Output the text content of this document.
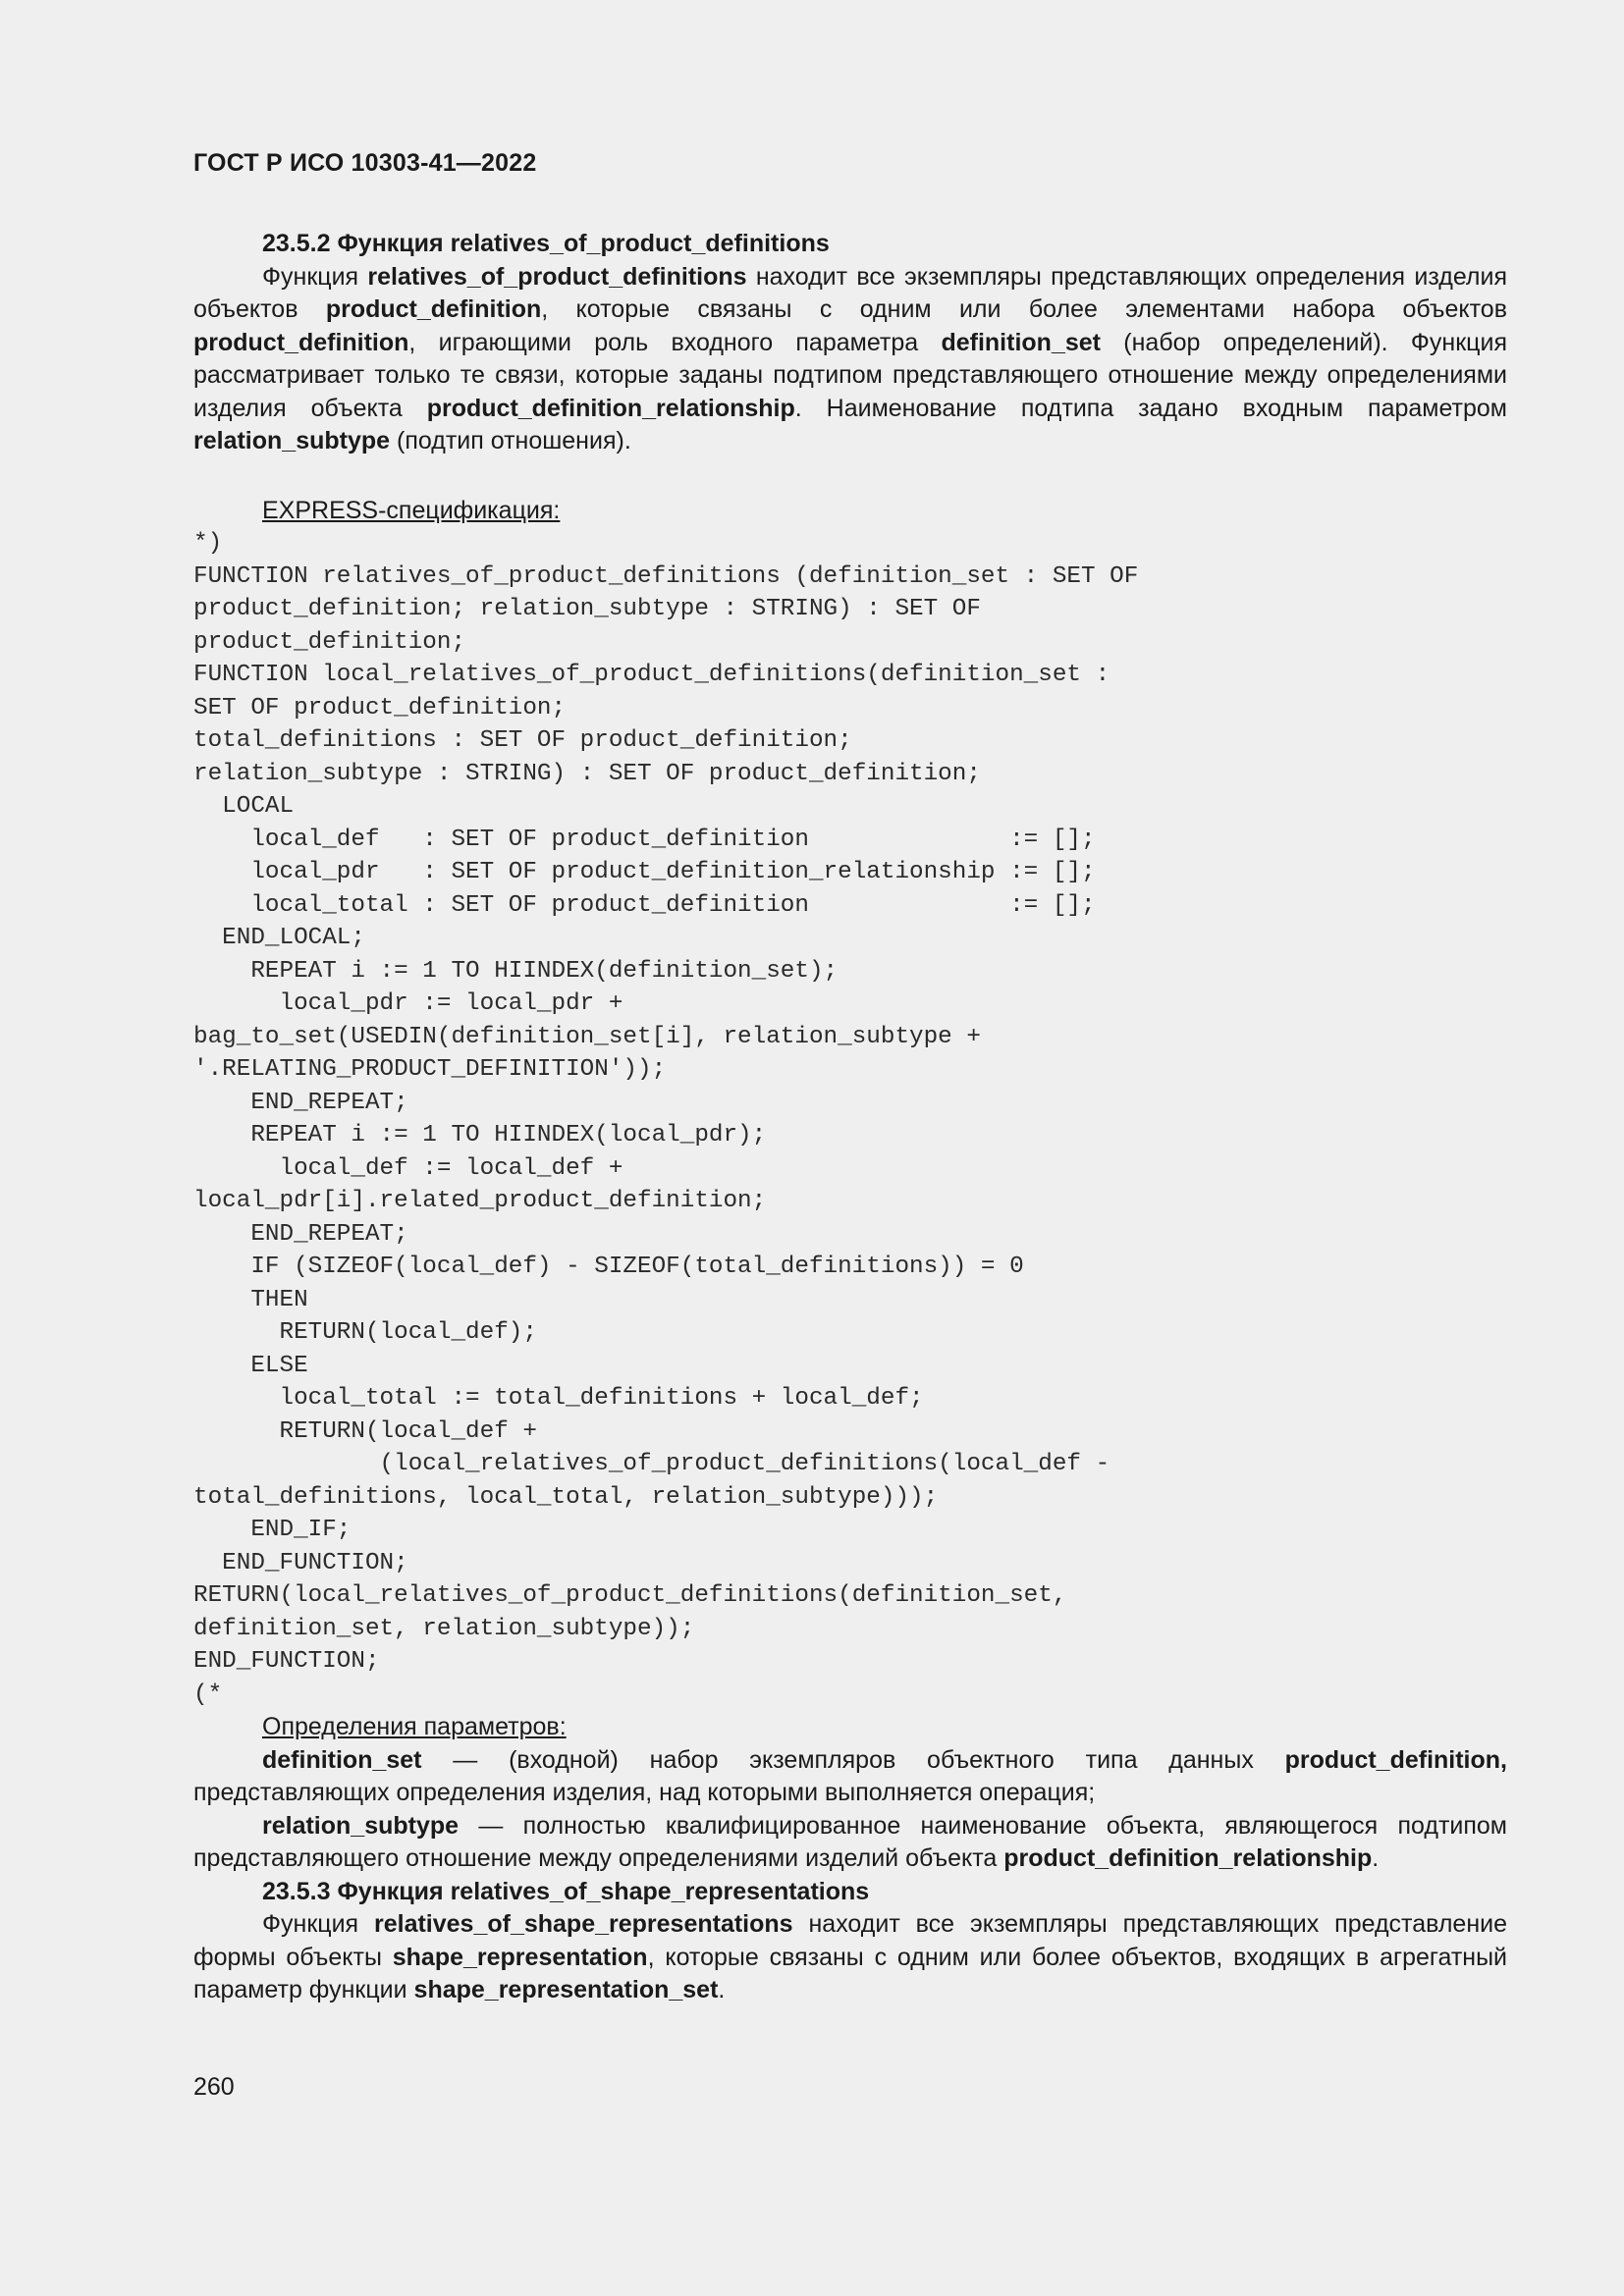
ГОСТ Р ИСО 10303-41—2022

23.5.2 Функция relatives_of_product_definitions

Функция relatives_of_product_definitions находит все экземпляры представляющих определения изделия объектов product_definition, которые связаны с одним или более элементами набора объектов product_definition, играющими роль входного параметра definition_set (набор определений). Функция рассматривает только те связи, которые заданы подтипом представляющего отношение между определениями изделия объекта product_definition_relationship. Наименование подтипа задано входным параметром relation_subtype (подтип отношения).

EXPRESS-спецификация:

*)
FUNCTION relatives_of_product_definitions (definition_set : SET OF
product_definition; relation_subtype : STRING) : SET OF
product_definition;
FUNCTION local_relatives_of_product_definitions(definition_set :
SET OF product_definition;
total_definitions : SET OF product_definition;
relation_subtype : STRING) : SET OF product_definition;
LOCAL
local_def   : SET OF product_definition              := [];
local_pdr   : SET OF product_definition_relationship := [];
local_total : SET OF product_definition              := [];
END_LOCAL;
REPEAT i := 1 TO HIINDEX(definition_set);
local_pdr := local_pdr +
bag_to_set(USEDIN(definition_set[i], relation_subtype +
'.RELATING_PRODUCT_DEFINITION'));
END_REPEAT;
REPEAT i := 1 TO HIINDEX(local_pdr);
local_def := local_def +
local_pdr[i].related_product_definition;
END_REPEAT;
IF (SIZEOF(local_def) - SIZEOF(total_definitions)) = 0
THEN
RETURN(local_def);
ELSE
local_total := total_definitions + local_def;
RETURN(local_def +
(local_relatives_of_product_definitions(local_def -
total_definitions, local_total, relation_subtype)));
END_IF;
END_FUNCTION;
RETURN(local_relatives_of_product_definitions(definition_set,
definition_set, relation_subtype));
END_FUNCTION;
(*

Определения параметров:

definition_set — (входной) набор экземпляров объектного типа данных product_definition, представляющих определения изделия, над которыми выполняется операция;

relation_subtype — полностью квалифицированное наименование объекта, являющегося подтипом представляющего отношение между определениями изделий объекта product_definition_relationship.

23.5.3 Функция relatives_of_shape_representations

Функция relatives_of_shape_representations находит все экземпляры представляющих представление формы объекты shape_representation, которые связаны с одним или более объектов, входящих в агрегатный параметр функции shape_representation_set.

260
